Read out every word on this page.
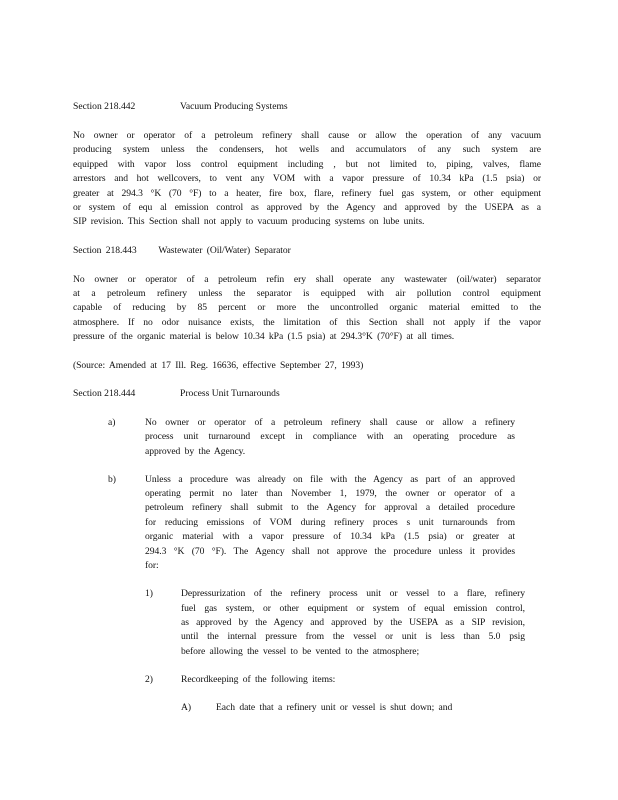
Section 218.442	Vacuum Producing Systems
No owner or operator of a petroleum refinery shall cause or allow the operation of any vacuum
producing system unless the condensers, hot wells and accumulators of any such system are
equipped with vapor loss control equipment including , but not limited to, piping, valves, flame
arrestors and hot wellcovers, to vent any VOM with a vapor pressure of 10.34 kPa (1.5 psia) or
greater at 294.3 °K (70 °F) to a heater, fire box, flare, refinery fuel gas system, or other equipment
or system of equ al emission control as approved by the Agency and approved by the USEPA as a
SIP revision. This Section shall not apply to vacuum producing systems on lube units.
Section 218.443 Wastewater (Oil/Water) Separator
No owner or operator of a petroleum refin ery shall operate any wastewater (oil/water) separator
at a petroleum refinery unless the separator is equipped with air pollution control equipment
capable of reducing by 85 percent or more the uncontrolled organic material emitted to the
atmosphere. If no odor nuisance exists, the limitation of this Section shall not apply if the vapor
pressure of the organic material is below 10.34 kPa (1.5 psia) at 294.3°K (70°F) at all times.
(Source: Amended at 17 Ill. Reg. 16636, effective September 27, 1993)
Section 218.444	Process Unit Turnarounds
a)	No owner or operator of a petroleum refinery shall cause or allow a refinery
process unit turnaround except in compliance with an operating procedure as
approved by the Agency.
b)	Unless a procedure was already on file with the Agency as part of an approved
operating permit no later than November 1, 1979, the owner or operator of a
petroleum refinery shall submit to the Agency for approval a detailed procedure
for reducing emissions of VOM during refinery proces s unit turnarounds from
organic material with a vapor pressure of 10.34 kPa (1.5 psia) or greater at
294.3 °K (70 °F). The Agency shall not approve the procedure unless it provides
for:
1)	Depressurization of the refinery process unit or vessel to a flare, refinery
fuel gas system, or other equipment or system of equal emission control,
as approved by the Agency and approved by the USEPA as a SIP revision,
until the internal pressure from the vessel or unit is less than 5.0 psig
before allowing the vessel to be vented to the atmosphere;
2)	Recordkeeping of the following items:
A)	Each date that a refinery unit or vessel is shut down; and
